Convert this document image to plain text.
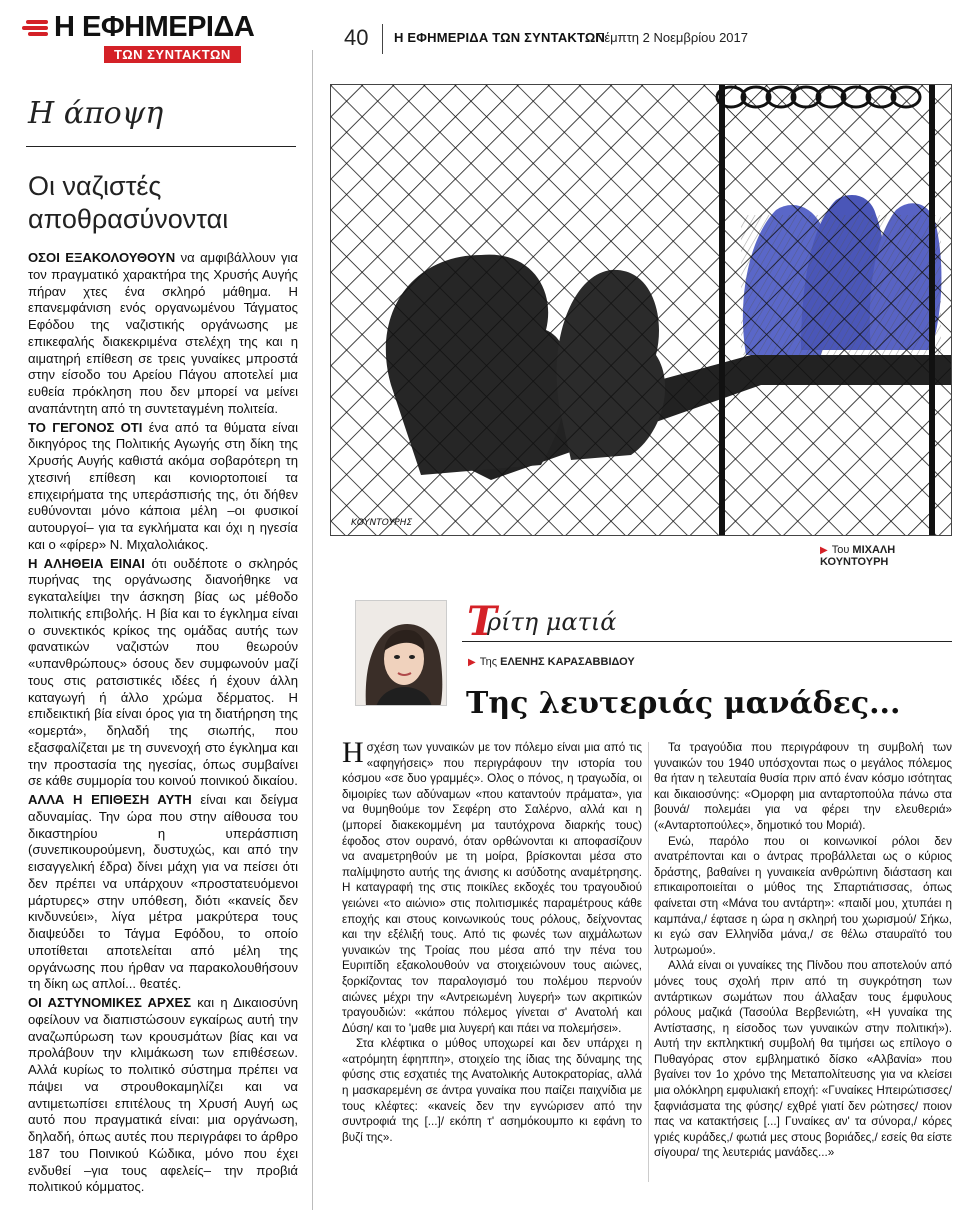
Η ΕΦΗΜΕΡΙΔΑ
ΤΩΝ ΣΥΝΤΑΚΤΩΝ
40 Η ΕΦΗΜΕΡΙΔΑ ΤΩΝ ΣΥΝΤΑΚΤΩΝ
Πέμπτη 2 Νοεμβρίου 2017
Η άποψη
Οι ναζιστές αποθρασύνονται

ΟΣΟΙ ΕΞΑΚΟΛΟΥΘΟΥΝ να αμφιβάλλουν για τον πραγματικό χαρακτήρα της Χρυσής Αυγής πήραν χτες ένα σκληρό μάθημα. Η επανεμφάνιση ενός οργανωμένου Τάγματος Εφόδου της ναζιστικής οργάνωσης με επικεφαλής διακεκριμένα στελέχη της και η αιματηρή επίθεση σε τρεις γυναίκες μπροστά στην είσοδο του Αρείου Πάγου αποτελεί μια ευθεία πρόκληση που δεν μπορεί να μείνει αναπάντητη από τη συντεταγμένη πολιτεία.

ΤΟ ΓΕΓΟΝΟΣ ΟΤΙ ένα από τα θύματα είναι δικηγόρος της Πολιτικής Αγωγής στη δίκη της Χρυσής Αυγής καθιστά ακόμα σοβαρότερη τη χτεσινή επίθεση και κονιορτοποιεί τα επιχειρήματα της υπεράσπισής της, ότι δήθεν ευθύνονται μόνο κάποια μέλη –οι φυσικοί αυτουργοί– για τα εγκλήματα και όχι η ηγεσία και ο «φίρερ» Ν. Μιχαλολιάκος.

Η ΑΛΗΘΕΙΑ ΕΙΝΑΙ ότι ουδέποτε ο σκληρός πυρήνας της οργάνωσης διανοήθηκε να εγκαταλείψει την άσκηση βίας ως μέθοδο πολιτικής επιβολής. Η βία και το έγκλημα είναι ο συνεκτικός κρίκος της ομάδας αυτής των φανατικών ναζιστών που θεωρούν «υπανθρώπους» όσους δεν συμφωνούν μαζί τους στις ρατσιστικές ιδέες ή έχουν άλλη καταγωγή ή άλλο χρώμα δέρματος. Η επιδεικτική βία είναι όρος για τη διατήρηση της «ομερτά», δηλαδή της σιωπής, που εξασφαλίζεται με τη συνενοχή στο έγκλημα και την προστασία της ηγεσίας, όπως συμβαίνει σε κάθε συμμορία του κοινού ποινικού δικαίου.

ΑΛΛΑ Η ΕΠΙΘΕΣΗ ΑΥΤΗ είναι και δείγμα αδυναμίας. Την ώρα που στην αίθουσα του δικαστηρίου η υπεράσπιση (συνεπικουρούμενη, δυστυχώς, και από την εισαγγελική έδρα) δίνει μάχη για να πείσει ότι δεν πρέπει να υπάρχουν «προστατευόμενοι μάρτυρες» στην υπόθεση, διότι «κανείς δεν κινδυνεύει», λίγα μέτρα μακρύτερα τους διαψεύδει το Τάγμα Εφόδου, το οποίο υποτίθεται αποτελείται από μέλη της οργάνωσης που ήρθαν να παρακολουθήσουν τη δίκη ως απλοί... θεατές.

ΟΙ ΑΣΤΥΝΟΜΙΚΕΣ ΑΡΧΕΣ και η Δικαιοσύνη οφείλουν να διαπιστώσουν εγκαίρως αυτή την αναζωπύρωση των κρουσμάτων βίας και να προλάβουν την κλιμάκωση των επιθέσεων. Αλλά κυρίως το πολιτικό σύστημα πρέπει να πάψει να στρουθοκαμηλίζει και να αντιμετωπίσει επιτέλους τη Χρυσή Αυγή ως αυτό που πραγματικά είναι: μια οργάνωση, δηλαδή, όπως αυτές που περιγράφει το άρθρο 187 του Ποινικού Κώδικα, μόνο που έχει ενδυθεί –για τους αφελείς– την προβιά πολιτικού κόμματος.

ΚΟΥΝΤΟΥΡΗΣ
▶ Του ΜΙΧΑΛΗ ΚΟΥΝΤΟΥΡΗ
Τ
ρίτη ματιά
▶ Της ΕΛΕΝΗΣ ΚΑΡΑΣΑΒΒΙΔΟΥ
Της λευτεριάς μανάδες...

Ησχέση των γυναικών με τον πόλεμο είναι μια από τις «αφηγήσεις» που περιγράφουν την ιστορία του κόσμου «σε δυο γραμμές». Ολος ο πόνος, η τραγωδία, οι διμοιρίες των αδύναμων «που καταντούν πράματα», για να θυμηθούμε τον Σεφέρη στο Σαλέρνο, αλλά και η (μπορεί διακεκομμένη μα ταυτόχρονα διαρκής τους) έφοδος στον ουρανό, όταν ορθώνονται κι αποφασίζουν να αναμετρηθούν με τη μοίρα, βρίσκονται μέσα στο παλίμψηστο αυτής της άνισης κι ασύδοτης αναμέτρησης. Η καταγραφή της στις ποικίλες εκδοχές του τραγουδιού γειώνει «το αιώνιο» στις πολιτισμικές παραμέτρους κάθε εποχής και στους κοινωνικούς τους ρόλους, δείχνοντας και την εξέλιξή τους. Από τις φωνές των αιχμάλωτων γυναικών της Τροίας που μέσα από την πένα του Ευριπίδη εξακολουθούν να στοιχειώνουν τους αιώνες, ξορκίζοντας τον παραλογισμό του πολέμου περνούν αιώνες μέχρι την «Αντρειωμένη λυγερή» των ακριτικών τραγουδιών: «κάπου πόλεμος γίνεται σ' Ανατολή και Δύση/ και το 'μαθε μια λυγερή και πάει να πολεμήσει».

Στα κλέφτικα ο μύθος υποχωρεί και δεν υπάρχει η «ατρόμητη έφηππη», στοιχείο της ίδιας της δύναμης της φύσης στις εσχατιές της Ανατολικής Αυτοκρατορίας, αλλά η μασκαρεμένη σε άντρα γυναίκα που παίζει παιχνίδια με τους κλέφτες: «κανείς δεν την εγνώρισεν από την συντροφιά της [...]/ εκόπη τ' ασημόκουμπο κι εφάνη το βυζί της».

Τα τραγούδια που περιγράφουν τη συμβολή των γυναικών του 1940 υπόσχονται πως ο μεγάλος πόλεμος θα ήταν η τελευταία θυσία πριν από έναν κόσμο ισότητας και δικαιοσύνης: «Ομορφη μια ανταρτοπούλα πάνω στα βουνά/ πολεμάει για να φέρει την ελευθεριά» («Ανταρτοπούλες», δημοτικό του Μοριά).

Ενώ, παρόλο που οι κοινωνικοί ρόλοι δεν ανατρέπονται και ο άντρας προβάλλεται ως ο κύριος δράστης, βαθαίνει η γυναικεία ανθρώπινη διάσταση και επικαιροποιείται ο μύθος της Σπαρτιάτισσας, όπως φαίνεται στη «Μάνα του αντάρτη»: «παιδί μου, χτυπάει η καμπάνα,/ έφτασε η ώρα η σκληρή του χωρισμού/ Σήκω, κι εγώ σαν Ελληνίδα μάνα,/ σε θέλω σταυραϊτό του λυτρωμού».

Αλλά είναι οι γυναίκες της Πίνδου που αποτελούν από μόνες τους σχολή πριν από τη συγκρότηση των αντάρτικων σωμάτων που άλλαξαν τους έμφυλους ρόλους μαζικά (Τασούλα Βερβενιώτη, «Η γυναίκα της Αντίστασης, η είσοδος των γυναικών στην πολιτική»). Αυτή την εκπληκτική συμβολή θα τιμήσει ως επίλογο ο Πυθαγόρας στον εμβληματικό δίσκο «Αλβανία» που βγαίνει τον 1ο χρόνο της Μεταπολίτευσης για να κλείσει μια ολόκληρη εμφυλιακή εποχή: «Γυναίκες Ηπειρώτισσες/ ξαφνιάσματα της φύσης/ εχθρέ γιατί δεν ρώτησες/ ποιον πας να κατακτήσεις [...] Γυναίκες αν' τα σύνορα,/ κόρες γριές κυράδες,/ φωτιά μες στους βοριάδες,/ εσείς θα είστε σίγουρα/ της λευτεριάς μανάδες...»
